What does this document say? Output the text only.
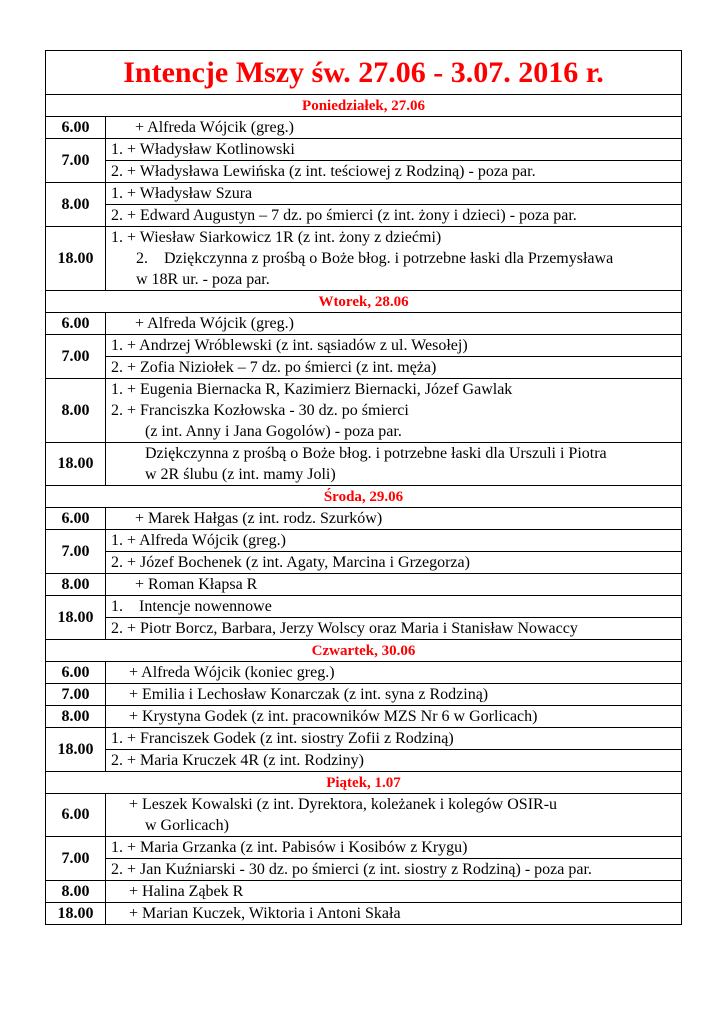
Intencje Mszy św. 27.06 - 3.07. 2016 r.	
Poniedziałek, 27.06	
6.00	+ Alfreda Wójcik (greg.)

7.00	1. + Władysław Kotlinowski

	2. + Władysława Lewińska (z int. teściowej z Rodziną) - poza par.

8.00	1. + Władysław Szura

	2. + Edward Augustyn – 7 dz. po śmierci (z int. żony i dzieci) - poza par.

18.00	1. + Wiesław Siarkowicz 1R (z int. żony z dziećmi)
2.    Dziękczynna z prośbą o Boże błog. i potrzebne łaski dla Przemysława
w 18R ur. - poza par.

Wtorek, 28.06	
6.00	+ Alfreda Wójcik (greg.)

7.00	1. + Andrzej Wróblewski (z int. sąsiadów z ul. Wesołej)

	2. + Zofia Niziołek – 7 dz. po śmierci (z int. męża)

8.00	1. + Eugenia Biernacka R, Kazimierz Biernacki, Józef Gawlak
2. + Franciszka Kozłowska - 30 dz. po śmierci
(z int. Anny i Jana Gogolów) - poza par.

18.00	Dziękczynna z prośbą o Boże błog. i potrzebne łaski dla Urszuli i Piotra
w 2R ślubu (z int. mamy Joli)

Środa, 29.06	
6.00	+ Marek Hałgas (z int. rodz. Szurków)

7.00	1. + Alfreda Wójcik (greg.)

	2. + Józef Bochenek (z int. Agaty, Marcina i Grzegorza)

8.00	+ Roman Kłapsa R

18.00	1.    Intencje nowennowe

	2. + Piotr Borcz, Barbara, Jerzy Wolscy oraz Maria i Stanisław Nowaccy

Czwartek, 30.06	
6.00	+ Alfreda Wójcik (koniec greg.)

7.00	+ Emilia i Lechosław Konarczak (z int. syna z Rodziną)

8.00	+ Krystyna Godek (z int. pracowników MZS Nr 6 w Gorlicach)

18.00	1. + Franciszek Godek (z int. siostry Zofii z Rodziną)

	2. + Maria Kruczek 4R (z int. Rodziny)

Piątek, 1.07	
6.00	+ Leszek Kowalski (z int. Dyrektora, koleżanek i kolegów OSIR-u
w Gorlicach)

7.00	1. + Maria Grzanka (z int. Pabisów i Kosibów z Krygu)

	2. + Jan Kuźniarski - 30 dz. po śmierci (z int. siostry z Rodziną) - poza par.

8.00	+ Halina Ząbek R

18.00	+ Marian Kuczek, Wiktoria i Antoni Skała
